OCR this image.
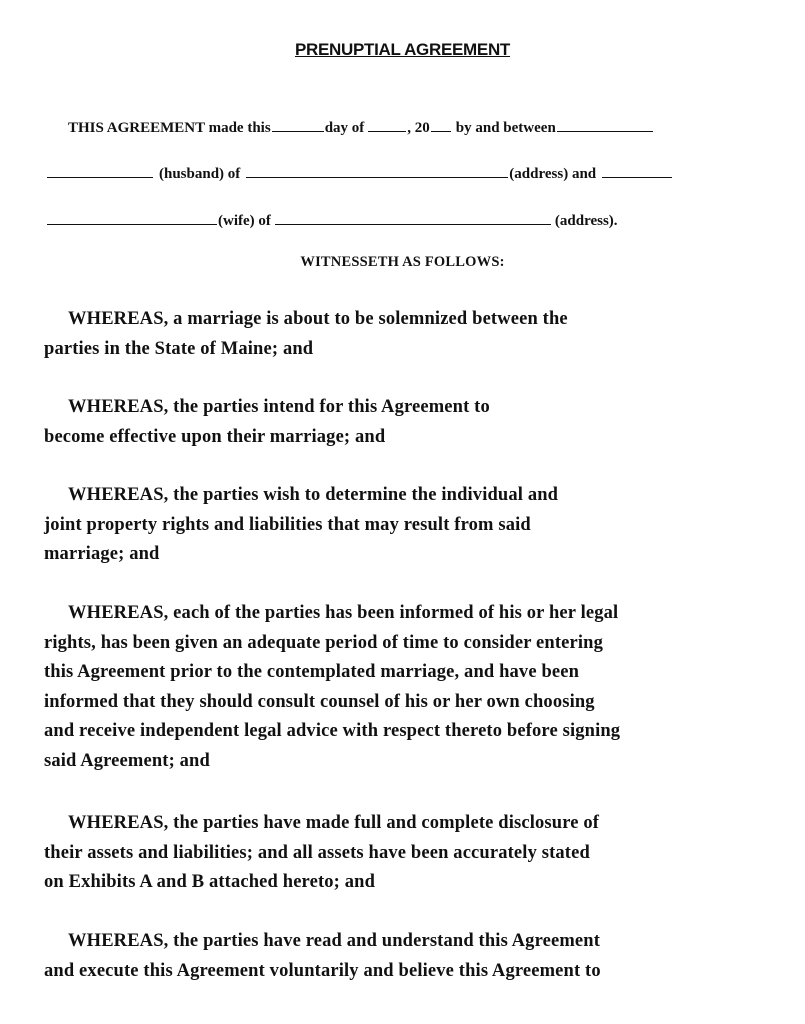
PRENUPTIAL AGREEMENT
THIS AGREEMENT made this	day of	, 20 by and between
(husband) of	(address) and
(wife) of	(address).
WITNESSETH AS FOLLOWS:
WHEREAS, a marriage is about to be solemnized between the
parties in the State of Maine; and
WHEREAS, the parties intend for this Agreement to
become effective upon their marriage; and
WHEREAS, the parties wish to determine the individual and
joint property rights and liabilities that may result from said
marriage; and
WHEREAS, each of the parties has been informed of his or her legal
rights, has been given an adequate period of time to consider entering
this Agreement prior to the contemplated marriage, and have been
informed that they should consult counsel of his or her own choosing
and receive independent legal advice with respect thereto before signing
said Agreement; and
WHEREAS, the parties have made full and complete disclosure of
their assets and liabilities; and all assets have been accurately stated
on Exhibits A and B attached hereto; and
WHEREAS, the parties have read and understand this Agreement
and execute this Agreement voluntarily and believe this Agreement to
